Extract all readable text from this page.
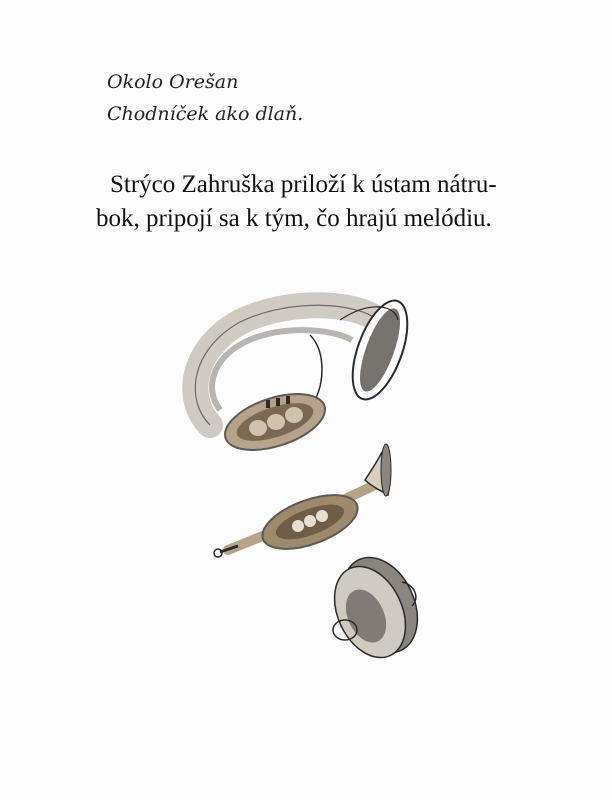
Okolo Orešan
Chodníček ako dlaň.
Strýco Zahruška priloží k ústam nátru-
bok, pripojí sa k tým, čo hrajú melódiu.
